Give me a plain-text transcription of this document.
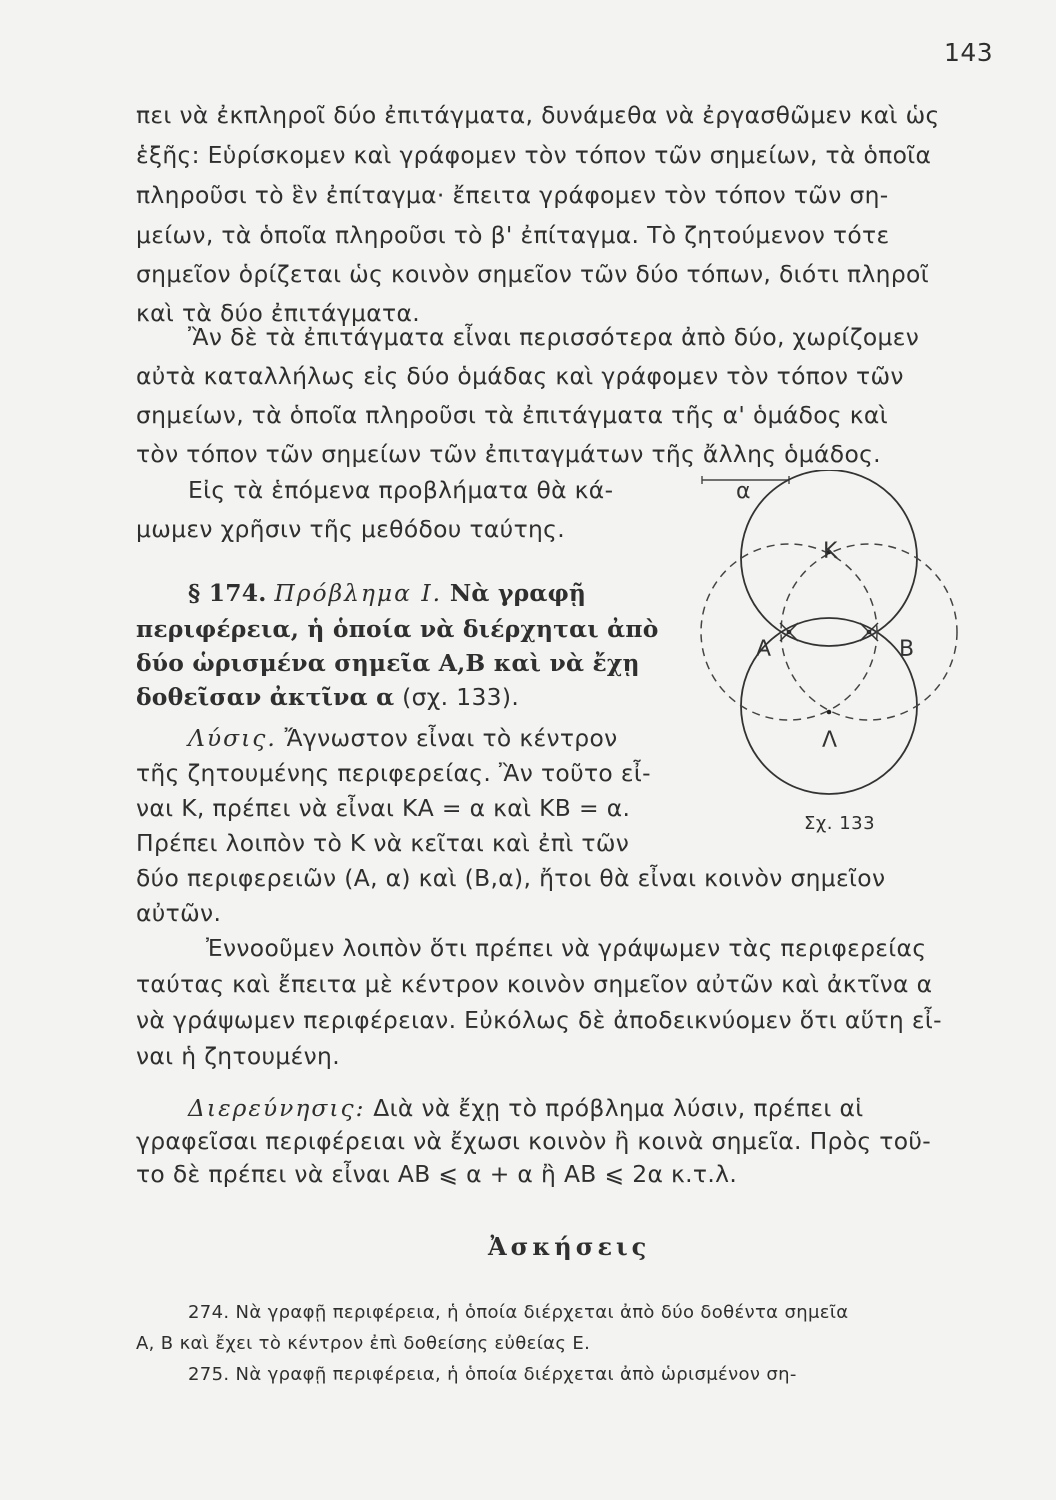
143
πει νὰ ἐκπληροῖ δύο ἐπιτάγματα, δυνάμεθα νὰ ἐργασθῶμεν καὶ ὡς
ἑξῆς: Εὑρίσκομεν καὶ γράφομεν τὸν τόπον τῶν σημείων, τὰ ὁποῖα
πληροῦσι τὸ ἓν ἐπίταγμα· ἔπειτα γράφομεν τὸν τόπον τῶν ση-
μείων, τὰ ὁποῖα πληροῦσι τὸ β' ἐπίταγμα. Τὸ ζητούμενον τότε
σημεῖον ὁρίζεται ὡς κοινὸν σημεῖον τῶν δύο τόπων, διότι πληροῖ
καὶ τὰ δύο ἐπιτάγματα.
Ἂν δὲ τὰ ἐπιτάγματα εἶναι περισσότερα ἀπὸ δύο, χωρίζομεν
αὐτὰ καταλλήλως εἰς δύο ὁμάδας καὶ γράφομεν τὸν τόπον τῶν
σημείων, τὰ ὁποῖα πληροῦσι τὰ ἐπιτάγματα τῆς α' ὁμάδος καὶ
τὸν τόπον τῶν σημείων τῶν ἐπιταγμάτων τῆς ἄλλης ὁμάδος.
Εἰς τὰ ἑπόμενα προβλήματα θὰ κά-
μωμεν χρῆσιν τῆς μεθόδου ταύτης.
§ 174. Πρόβλημα I. Νὰ γραφῇ
περιφέρεια, ἡ ὁποία νὰ διέρχηται ἀπὸ
δύο ὡρισμένα σημεῖα Α,Β καὶ νὰ ἔχῃ
δοθεῖσαν ἀκτῖνα α (σχ. 133).
Λύσις. Ἄγνωστον εἶναι τὸ κέντρον
τῆς ζητουμένης περιφερείας. Ἂν τοῦτο εἶ-
ναι Κ, πρέπει νὰ εἶναι ΚΑ = α καὶ ΚΒ = α.
Πρέπει λοιπὸν τὸ Κ νὰ κεῖται καὶ ἐπὶ τῶν
δύο περιφερειῶν (Α, α) καὶ (Β,α), ἤτοι θὰ εἶναι κοινὸν σημεῖον
αὐτῶν.
Ἐννοοῦμεν λοιπὸν ὅτι πρέπει νὰ γράψωμεν τὰς περιφερείας
ταύτας καὶ ἔπειτα μὲ κέντρον κοινὸν σημεῖον αὐτῶν καὶ ἀκτῖνα α
νὰ γράψωμεν περιφέρειαν. Εὐκόλως δὲ ἀποδεικνύομεν ὅτι αὕτη εἶ-
ναι ἡ ζητουμένη.
Διερεύνησις: Διὰ νὰ ἔχῃ τὸ πρόβλημα λύσιν, πρέπει αἱ
γραφεῖσαι περιφέρειαι νὰ ἔχωσι κοινὸν ἢ κοινὰ σημεῖα. Πρὸς τοῦ-
το δὲ πρέπει νὰ εἶναι ΑΒ ⩽ α + α ἢ ΑΒ ⩽ 2α κ.τ.λ.
Ἀσκήσεις
274. Νὰ γραφῇ περιφέρεια, ἡ ὁποία διέρχεται ἀπὸ δύο δοθέντα σημεῖα
Α, Β καὶ ἔχει τὸ κέντρον ἐπὶ δοθείσης εὐθείας Ε.
275. Νὰ γραφῇ περιφέρεια, ἡ ὁποία διέρχεται ἀπὸ ὡρισμένον ση-
α
Κ
Α	Β
Λ
Σχ. 133
